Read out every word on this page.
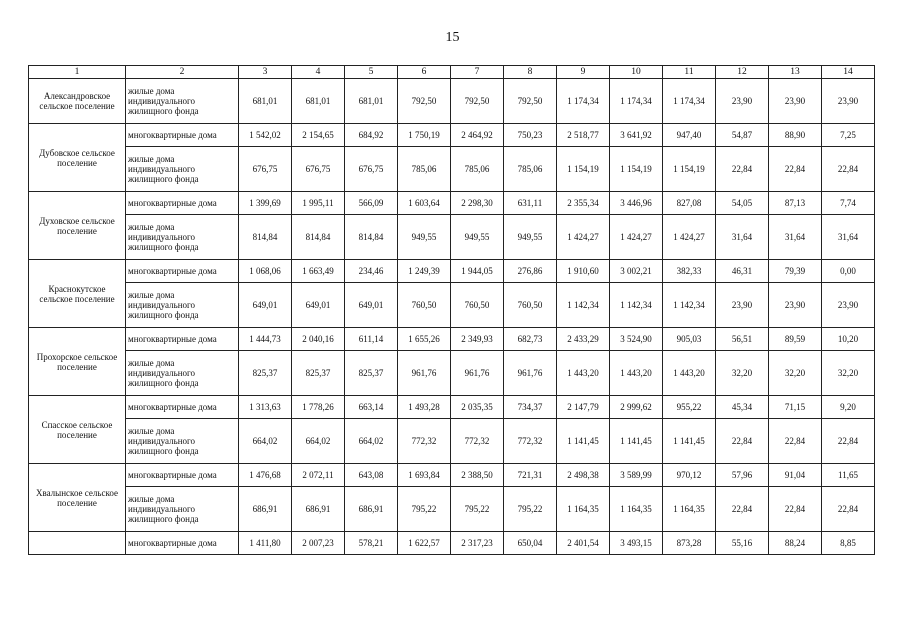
15
1	2	3	4	5	6	7	8	9	10	11	12	13	14
Александровское сельское поселение	жилые дома индивидуального жилищного фонда	681,01	681,01	681,01	792,50	792,50	792,50	1 174,34	1 174,34	1 174,34	23,90	23,90	23,90
Дубовское сельское поселение	многоквартирные дома	1 542,02	2 154,65	684,92	1 750,19	2 464,92	750,23	2 518,77	3 641,92	947,40	54,87	88,90	7,25
	жилые дома индивидуального жилищного фонда	676,75	676,75	676,75	785,06	785,06	785,06	1 154,19	1 154,19	1 154,19	22,84	22,84	22,84
Духовское сельское поселение	многоквартирные дома	1 399,69	1 995,11	566,09	1 603,64	2 298,30	631,11	2 355,34	3 446,96	827,08	54,05	87,13	7,74
	жилые дома индивидуального жилищного фонда	814,84	814,84	814,84	949,55	949,55	949,55	1 424,27	1 424,27	1 424,27	31,64	31,64	31,64
Краснокутское сельское поселение	многоквартирные дома	1 068,06	1 663,49	234,46	1 249,39	1 944,05	276,86	1 910,60	3 002,21	382,33	46,31	79,39	0,00
	жилые дома индивидуального жилищного фонда	649,01	649,01	649,01	760,50	760,50	760,50	1 142,34	1 142,34	1 142,34	23,90	23,90	23,90
Прохорское сельское поселение	многоквартирные дома	1 444,73	2 040,16	611,14	1 655,26	2 349,93	682,73	2 433,29	3 524,90	905,03	56,51	89,59	10,20
	жилые дома индивидуального жилищного фонда	825,37	825,37	825,37	961,76	961,76	961,76	1 443,20	1 443,20	1 443,20	32,20	32,20	32,20
Спасское сельское поселение	многоквартирные дома	1 313,63	1 778,26	663,14	1 493,28	2 035,35	734,37	2 147,79	2 999,62	955,22	45,34	71,15	9,20
	жилые дома индивидуального жилищного фонда	664,02	664,02	664,02	772,32	772,32	772,32	1 141,45	1 141,45	1 141,45	22,84	22,84	22,84
Хвалынское сельское поселение	многоквартирные дома	1 476,68	2 072,11	643,08	1 693,84	2 388,50	721,31	2 498,38	3 589,99	970,12	57,96	91,04	11,65
	жилые дома индивидуального жилищного фонда	686,91	686,91	686,91	795,22	795,22	795,22	1 164,35	1 164,35	1 164,35	22,84	22,84	22,84
	многоквартирные дома	1 411,80	2 007,23	578,21	1 622,57	2 317,23	650,04	2 401,54	3 493,15	873,28	55,16	88,24	8,85
